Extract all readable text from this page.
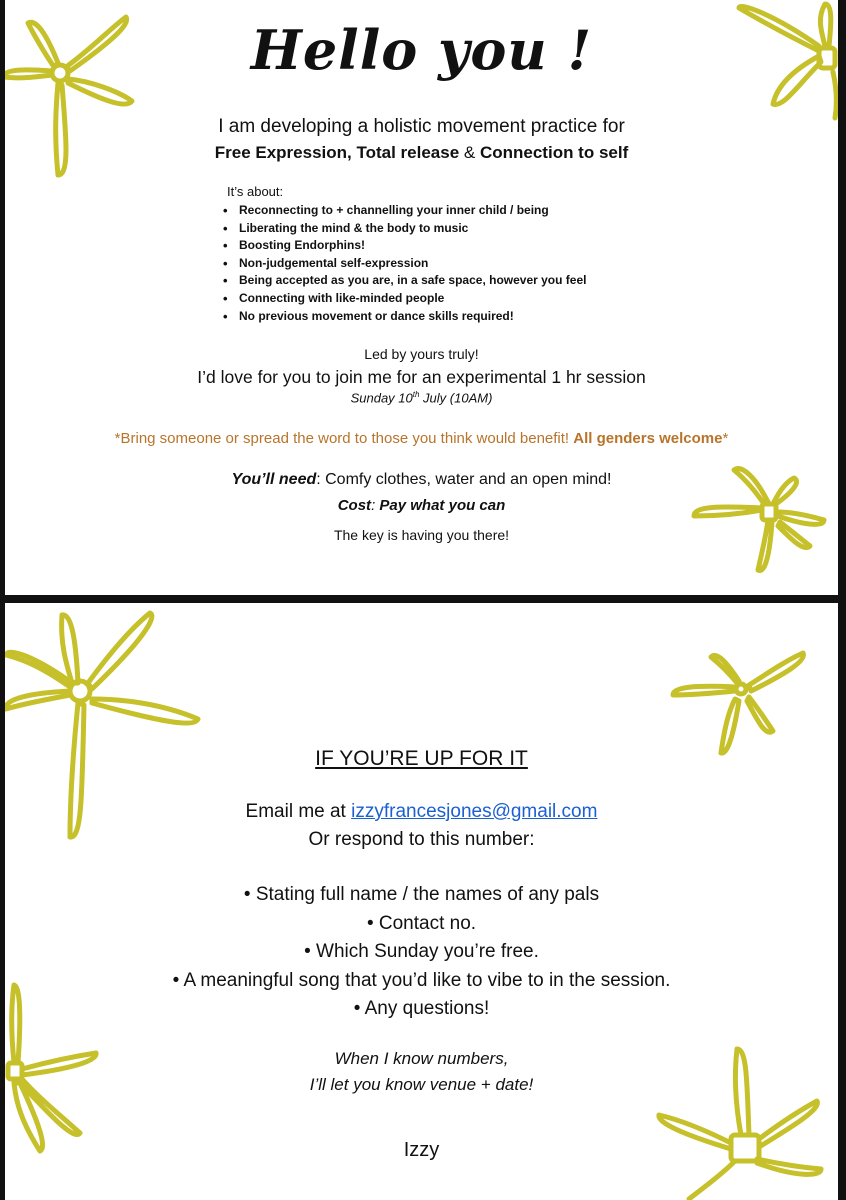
Hello you !

I am developing a holistic movement practice for

Free Expression, Total release & Connection to self

It’s about:
• Reconnecting to + channelling your inner child / being
• Liberating the mind & the body to music
• Boosting Endorphins!
• Non-judgemental self-expression
• Being accepted as you are, in a safe space, however you feel
• Connecting with like-minded people
• No previous movement or dance skills required!

Led by yours truly!

I’d love for you to join me for an experimental 1 hr session

Sunday 10th July (10AM)

*Bring someone or spread the word to those you think would benefit! All genders welcome*

You’ll need: Comfy clothes, water and an open mind!

Cost: Pay what you can

The key is having you there!

IF YOU’RE UP FOR IT

Email me at izzyfrancesjones@gmail.com

Or respond to this number:

• Stating full name / the names of any pals
• Contact no.
• Which Sunday you’re free.
• A meaningful song that you’d like to vibe to in the session.
• Any questions!

When I know numbers,

I’ll let you know venue + date!

Izzy
